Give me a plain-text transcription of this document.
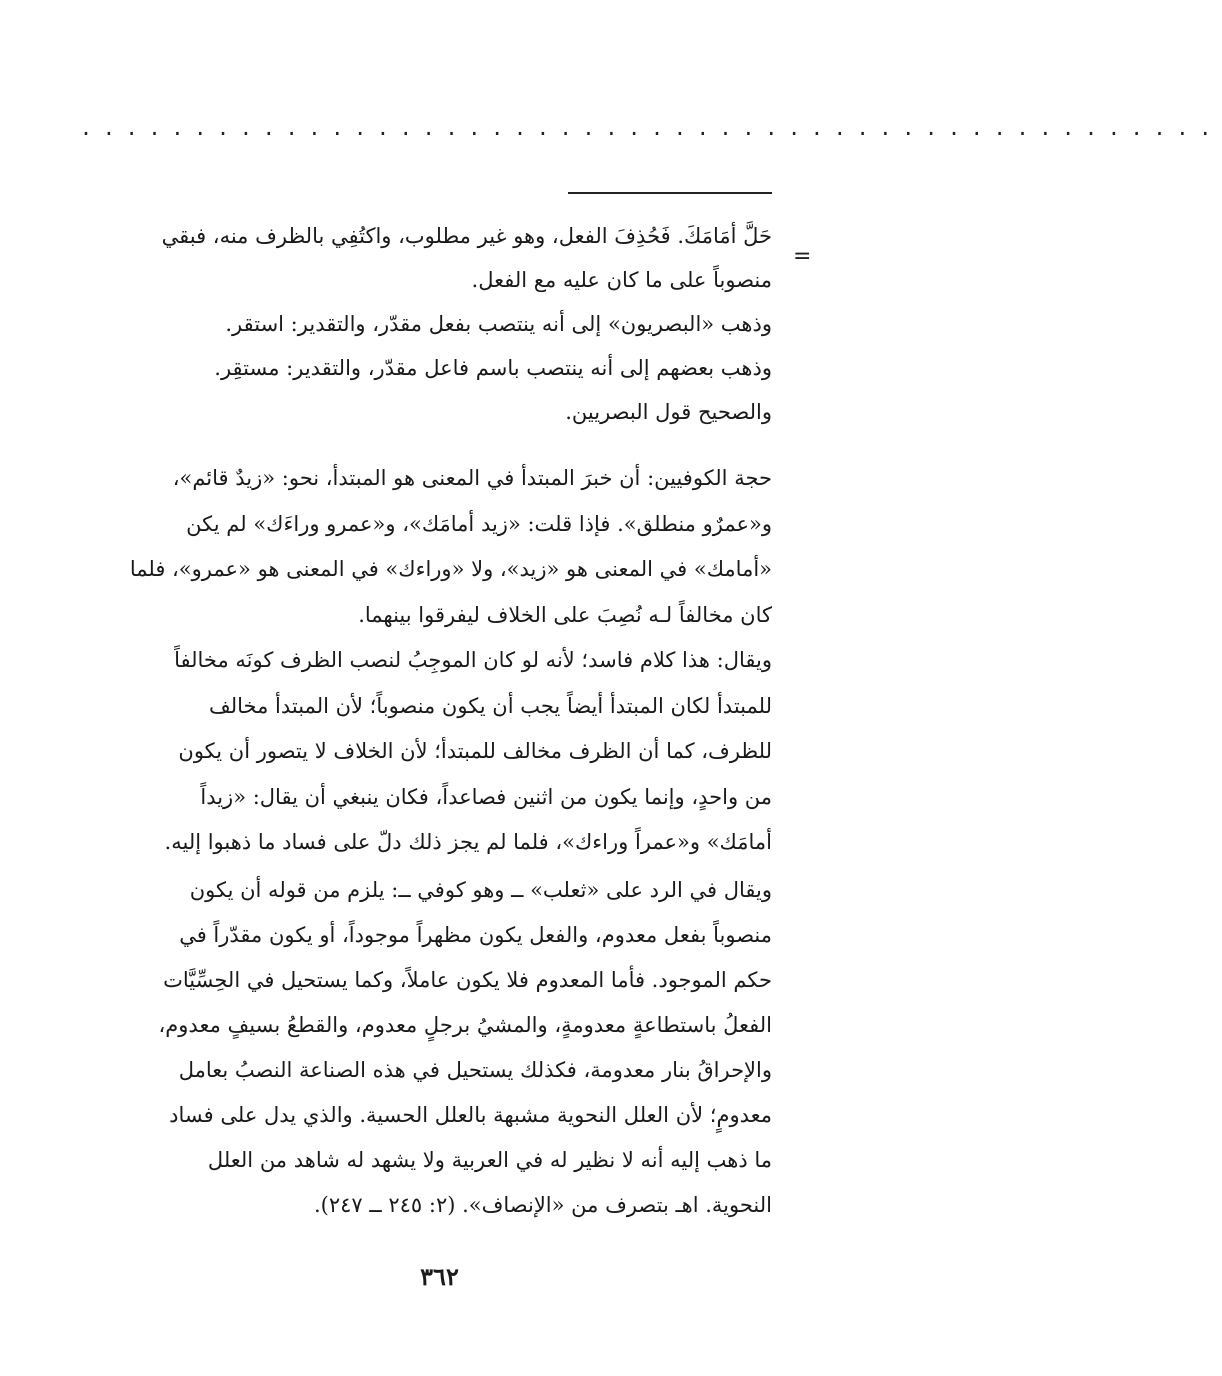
..................................................
=

حَلَّ أمَامَكَ. فَحُذِفَ الفعل، وهو غير مطلوب، واكتُفِي بالظرف منه، فبقي

منصوباً على ما كان عليه مع الفعل.

وذهب «البصريون» إلى أنه ينتصب بفعل مقدّر، والتقدير: استقر.

وذهب بعضهم إلى أنه ينتصب باسم فاعل مقدّر، والتقدير: مستقِر.

والصحيح قول البصريين.

حجة الكوفيين: أن خبرَ المبتدأ في المعنى هو المبتدأ، نحو: «زيدٌ قائم»،

و«عمرٌو منطلق». فإذا قلت: «زيد أمامَك»، و«عمرو وراءَك» لم يكن

«أمامك» في المعنى هو «زيد»، ولا «وراءك» في المعنى هو «عمرو»، فلما

كان مخالفاً لـه نُصِبَ على الخلاف ليفرقوا بينهما.

ويقال: هذا كلام فاسد؛ لأنه لو كان الموجِبُ لنصب الظرف كونَه مخالفاً

للمبتدأ لكان المبتدأ أيضاً يجب أن يكون منصوباً؛ لأن المبتدأ مخالف

للظرف، كما أن الظرف مخالف للمبتدأ؛ لأن الخلاف لا يتصور أن يكون

من واحدٍ، وإنما يكون من اثنين فصاعداً، فكان ينبغي أن يقال: «زيداً

أمامَك» و«عمراً وراءك»، فلما لم يجز ذلك دلّ على فساد ما ذهبوا إليه.

ويقال في الرد على «ثعلب» ــ وهو كوفي ــ: يلزم من قوله أن يكون

منصوباً بفعل معدوم، والفعل يكون مظهراً موجوداً، أو يكون مقدّراً في

حكم الموجود. فأما المعدوم فلا يكون عاملاً، وكما يستحيل في الحِسِّيَّات

الفعلُ باستطاعةٍ معدومةٍ، والمشيُ برجلٍ معدوم، والقطعُ بسيفٍ معدوم،

والإحراقُ بنار معدومة، فكذلك يستحيل في هذه الصناعة النصبُ بعامل

معدومٍ؛ لأن العلل النحوية مشبهة بالعلل الحسية. والذي يدل على فساد

ما ذهب إليه أنه لا نظير له في العربية ولا يشهد له شاهد من العلل

النحوية. اهـ بتصرف من «الإنصاف». (٢: ٢٤٥ ــ ٢٤٧).

٣٦٢
